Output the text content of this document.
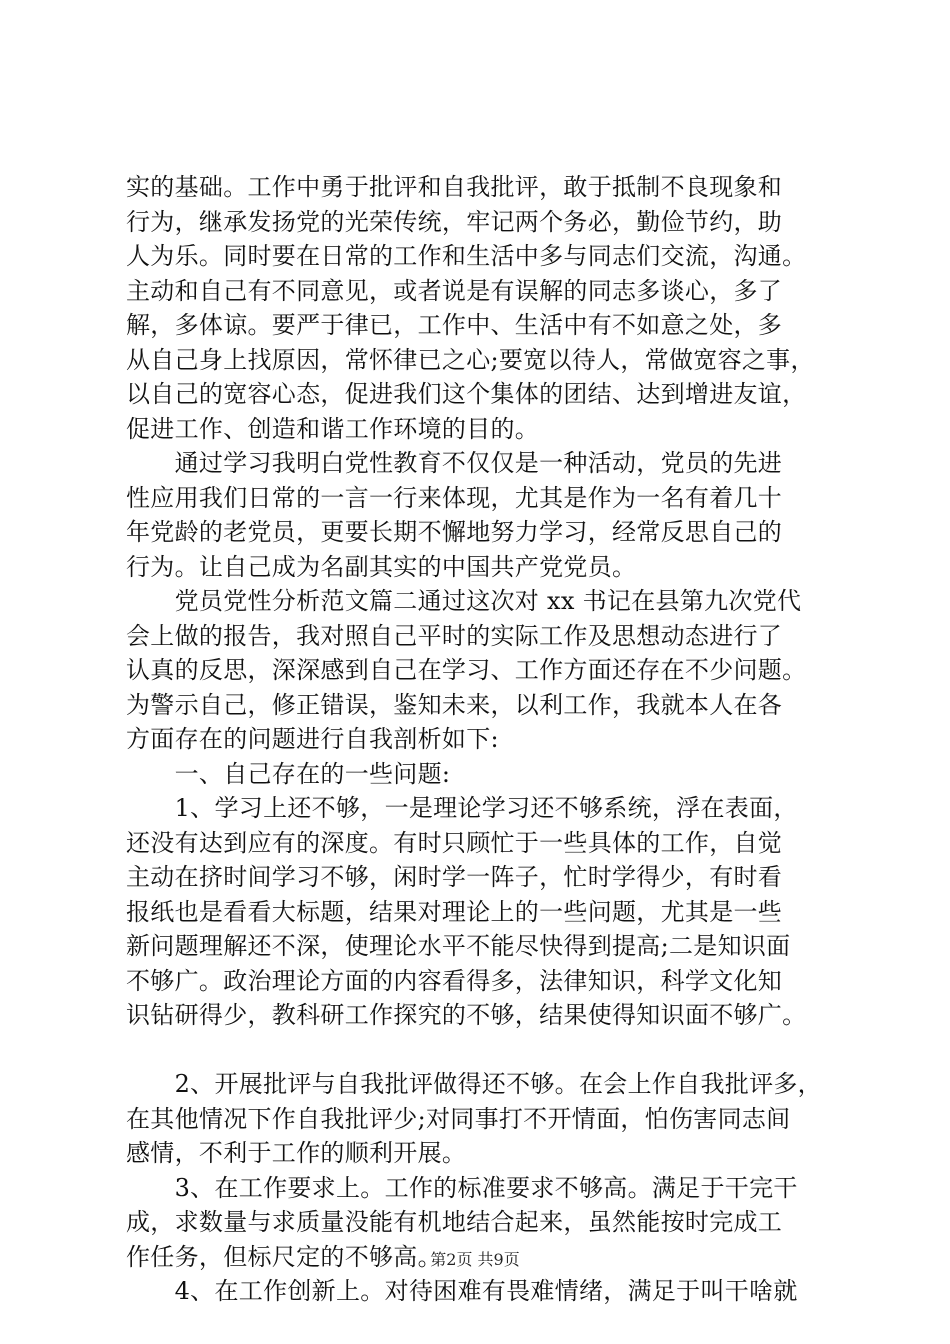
实的基础。工作中勇于批评和自我批评，敢于抵制不良现象和
行为，继承发扬党的光荣传统，牢记两个务必，勤俭节约，助
人为乐。同时要在日常的工作和生活中多与同志们交流，沟通。
主动和自己有不同意见，或者说是有误解的同志多谈心，多了
解，多体谅。要严于律已，工作中、生活中有不如意之处，多
从自己身上找原因，常怀律已之心;要宽以待人，常做宽容之事，
以自己的宽容心态，促进我们这个集体的团结、达到增进友谊，
促进工作、创造和谐工作环境的目的。
　　通过学习我明白党性教育不仅仅是一种活动，党员的先进
性应用我们日常的一言一行来体现，尤其是作为一名有着几十
年党龄的老党员，更要长期不懈地努力学习，经常反思自己的
行为。让自己成为名副其实的中国共产党党员。
　　党员党性分析范文篇二通过这次对 xx 书记在县第九次党代
会上做的报告，我对照自己平时的实际工作及思想动态进行了
认真的反思，深深感到自己在学习、工作方面还存在不少问题。
为警示自己，修正错误，鉴知未来，以利工作，我就本人在各
方面存在的问题进行自我剖析如下:
　　一、自己存在的一些问题:
　　1、学习上还不够，一是理论学习还不够系统，浮在表面，
还没有达到应有的深度。有时只顾忙于一些具体的工作，自觉
主动在挤时间学习不够，闲时学一阵子，忙时学得少，有时看
报纸也是看看大标题，结果对理论上的一些问题，尤其是一些
新问题理解还不深，使理论水平不能尽快得到提高;二是知识面
不够广。政治理论方面的内容看得多，法律知识，科学文化知
识钻研得少，教科研工作探究的不够，结果使得知识面不够广。
　　2、开展批评与自我批评做得还不够。在会上作自我批评多，
在其他情况下作自我批评少;对同事打不开情面，怕伤害同志间
感情，不利于工作的顺利开展。
　　3、在工作要求上。工作的标准要求不够高。满足于干完干
成，求数量与求质量没能有机地结合起来，虽然能按时完成工
作任务，但标尺定的不够高。
　　4、在工作创新上。对待困难有畏难情绪，满足于叫干啥就
第2页 共9页
